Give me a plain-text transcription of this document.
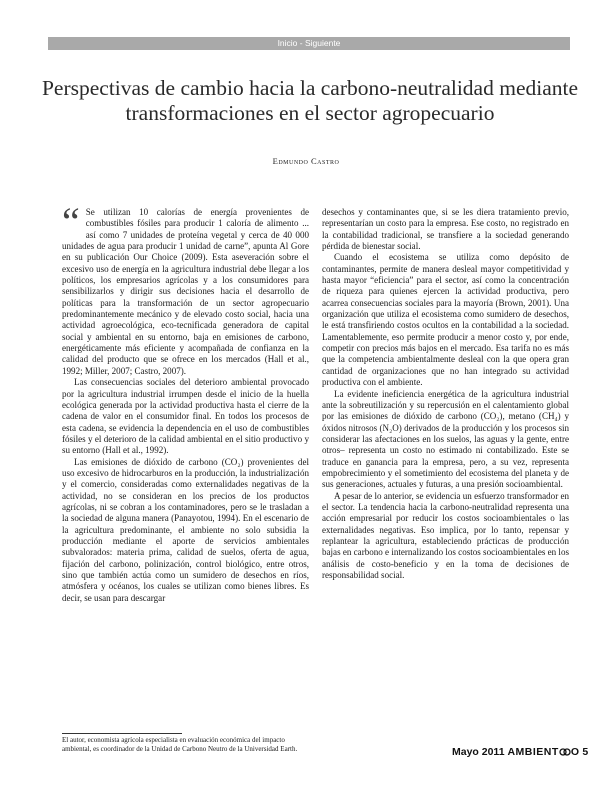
Inicio - Siguiente
Perspectivas de cambio hacia la carbono-neutralidad mediante transformaciones en el sector agropecuario
Edmundo Castro

“ Se utilizan 10 calorías de energía provenientes de combustibles fósiles para producir 1 caloría de alimento ... así como 7 unidades de proteína vegetal y cerca de 40 000 unidades de agua para producir 1 unidad de carne”, apunta Al Gore en su publicación Our Choice (2009). Esta aseveración sobre el excesivo uso de energía en la agricultura industrial debe llegar a los políticos, los empresarios agrícolas y a los consumidores para sensibilizarlos y dirigir sus decisiones hacia el desarrollo de políticas para la transformación de un sector agropecuario predominantemente mecánico y de elevado costo social, hacia una actividad agroecológica, eco-tecnificada generadora de capital social y ambiental en su entorno, baja en emisiones de carbono, energéticamente más eficiente y acompañada de confianza en la calidad del producto que se ofrece en los mercados (Hall et al., 1992; Miller, 2007; Castro, 2007).

Las consecuencias sociales del deterioro ambiental provocado por la agricultura industrial irrumpen desde el inicio de la huella ecológica generada por la actividad productiva hasta el cierre de la cadena de valor en el consumidor final. En todos los procesos de esta cadena, se evidencia la dependencia en el uso de combustibles fósiles y el deterioro de la calidad ambiental en el sitio productivo y su entorno (Hall et al., 1992).

Las emisiones de dióxido de carbono (CO₂) provenientes del uso excesivo de hidrocarburos en la producción, la industrialización y el comercio, consideradas como externalidades negativas de la actividad, no se consideran en los precios de los productos agrícolas, ni se cobran a los contaminadores, pero se le trasladan a la sociedad de alguna manera (Panayotou, 1994). En el escenario de la agricultura predominante, el ambiente no solo subsidia la producción mediante el aporte de servicios ambientales subvalorados: materia prima, calidad de suelos, oferta de agua, fijación del carbono, polinización, control biológico, entre otros, sino que también actúa como un sumidero de desechos en ríos, atmósfera y océanos, los cuales se utilizan como bienes libres. Es decir, se usan para descargar

desechos y contaminantes que, si se les diera tratamiento previo, representarían un costo para la empresa. Ese costo, no registrado en la contabilidad tradicional, se transfiere a la sociedad generando pérdida de bienestar social.

Cuando el ecosistema se utiliza como depósito de contaminantes, permite de manera desleal mayor competitividad y hasta mayor “eficiencia” para el sector, así como la concentración de riqueza para quienes ejercen la actividad productiva, pero acarrea consecuencias sociales para la mayoría (Brown, 2001). Una organización que utiliza el ecosistema como sumidero de desechos, le está transfiriendo costos ocultos en la contabilidad a la sociedad. Lamentablemente, eso permite producir a menor costo y, por ende, competir con precios más bajos en el mercado. Esa tarifa no es más que la competencia ambientalmente desleal con la que opera gran cantidad de organizaciones que no han integrado su actividad productiva con el ambiente.

La evidente ineficiencia energética de la agricultura industrial ante la sobreutilización y su repercusión en el calentamiento global por las emisiones de dióxido de carbono (CO₂), metano (CH₄) y óxidos nitrosos (N₂O) derivados de la producción y los procesos sin considerar las afectaciones en los suelos, las aguas y la gente, entre otros– representa un costo no estimado ni contabilizado. Este se traduce en ganancia para la empresa, pero, a su vez, representa empobrecimiento y el sometimiento del ecosistema del planeta y de sus generaciones, actuales y futuras, a una presión socioambiental.

A pesar de lo anterior, se evidencia un esfuerzo transformador en el sector. La tendencia hacia la carbono-neutralidad representa una acción empresarial por reducir los costos socioambientales o las externalidades negativas. Eso implica, por lo tanto, repensar y replantear la agricultura, estableciendo prácticas de producción bajas en carbono e internalizando los costos socioambientales en los análisis de costo-beneficio y en la toma de decisiones de responsabilidad social.

El autor, economista agrícola especialista en evaluación económica del impacto ambiental, es coordinador de la Unidad de Carbono Neutro de la Universidad Earth.	Mayo 2011 AMBIENT O 5
